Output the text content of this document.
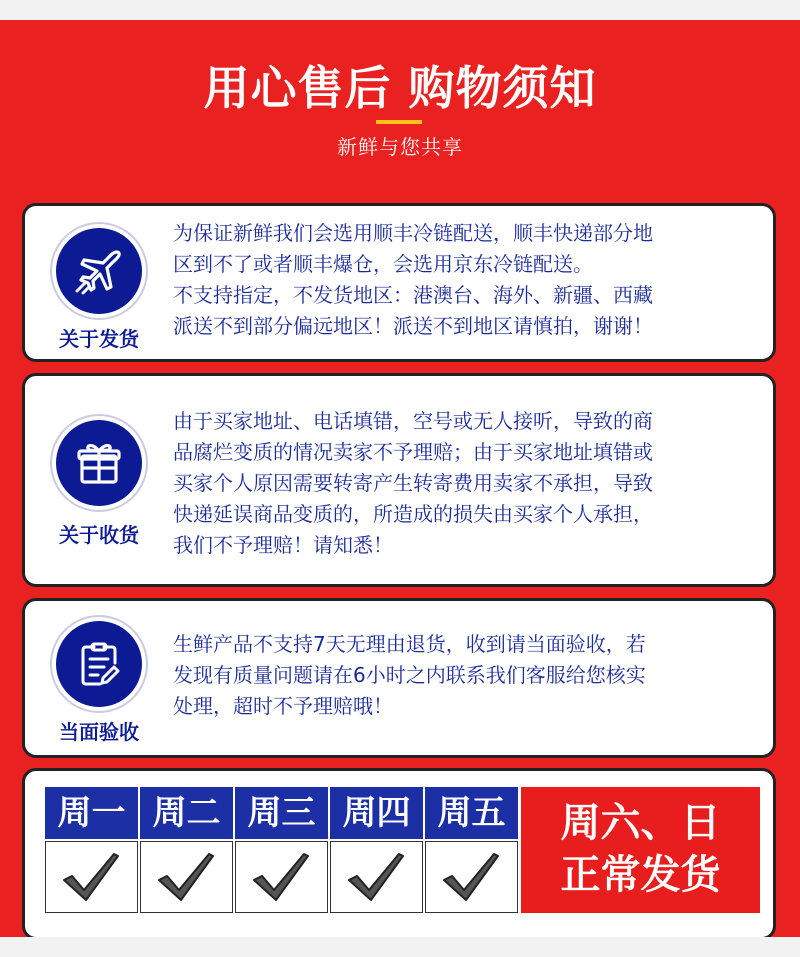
用心售后 购物须知
新鲜与您共享
关于发货
为保证新鲜我们会选用顺丰冷链配送，顺丰快递部分地
区到不了或者顺丰爆仓，会选用京东冷链配送。
不支持指定，不发货地区：港澳台、海外、新疆、西藏
派送不到部分偏远地区！派送不到地区请慎拍，谢谢！
关于收货
由于买家地址、电话填错，空号或无人接听，导致的商
品腐烂变质的情况卖家不予理赔；由于买家地址填错或
买家个人原因需要转寄产生转寄费用卖家不承担，导致
快递延误商品变质的，所造成的损失由买家个人承担，
我们不予理赔！请知悉！
当面验收
生鲜产品不支持7天无理由退货，收到请当面验收，若
发现有质量问题请在6小时之内联系我们客服给您核实
处理，超时不予理赔哦！
周一 周二 周三 周四 周五	周六、日
正常发货
